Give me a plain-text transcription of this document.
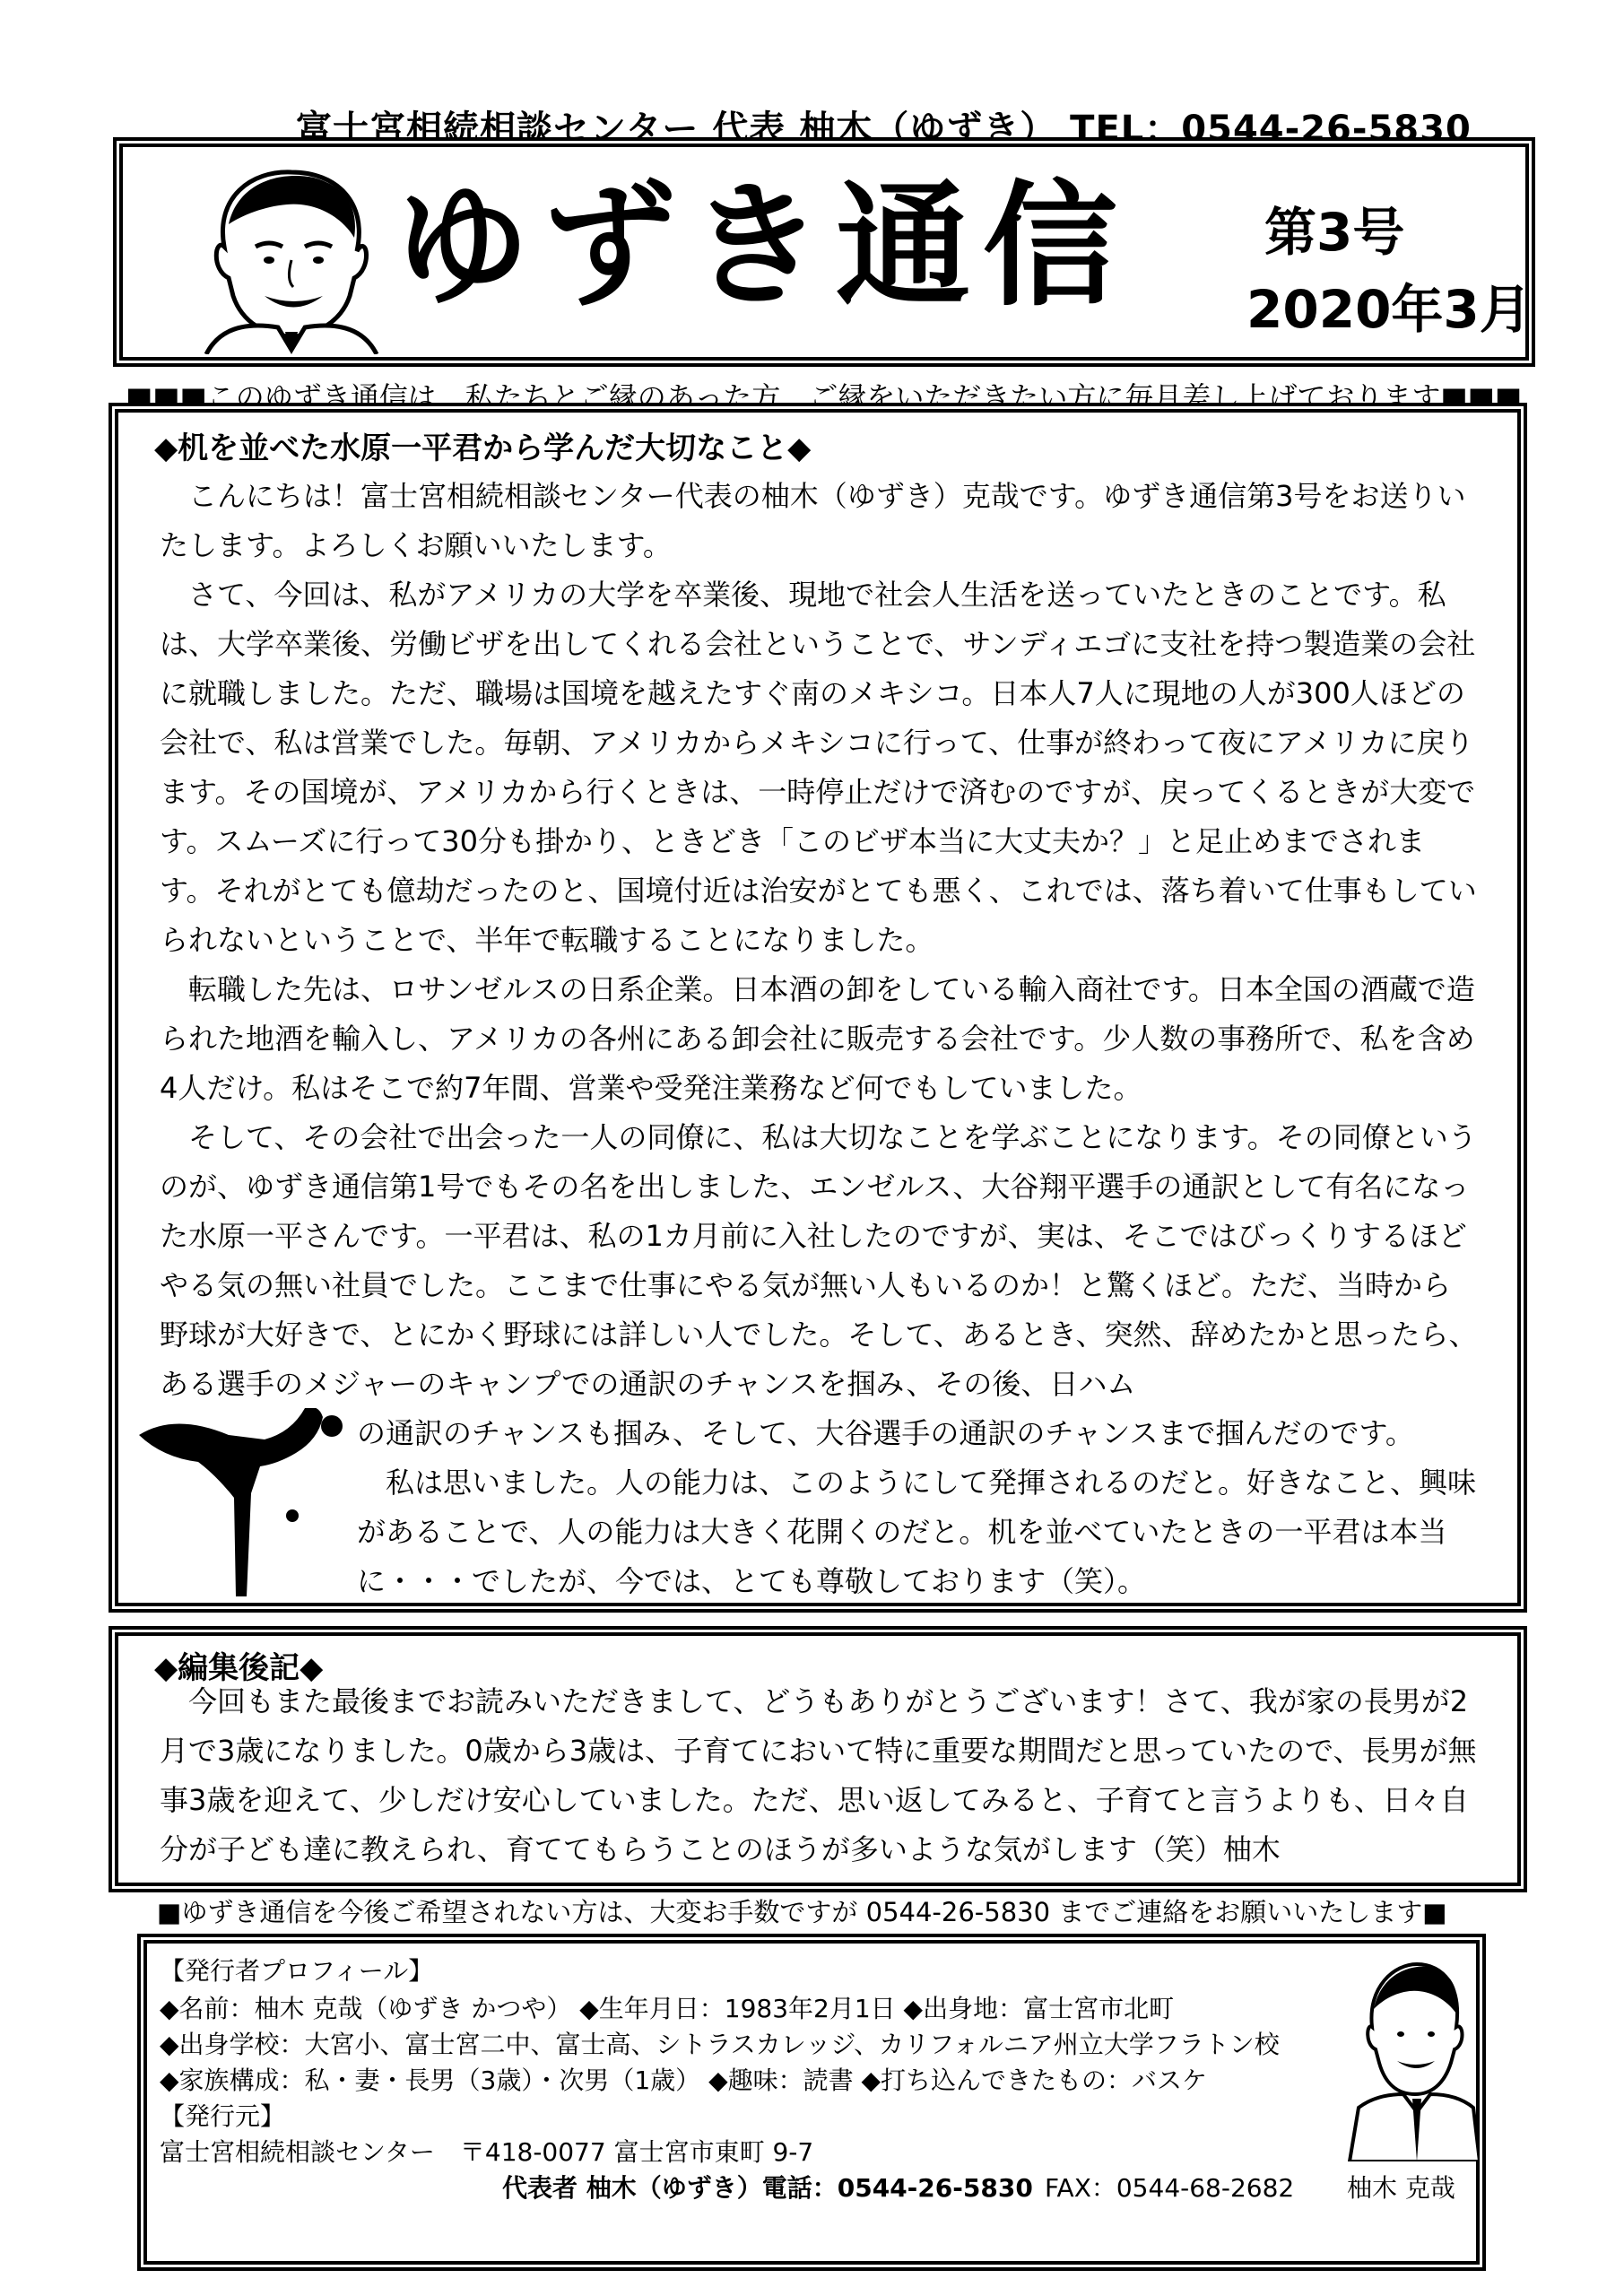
富士宮相続相談センター 代表 柚木（ゆずき） TEL：0544-26-5830
ゆずき通信	第3号
2020年3月
■■■このゆずき通信は、私たちとご縁のあった方、ご縁をいただきたい方に毎月差し上げております■■■
◆机を並べた水原一平君から学んだ大切なこと◆
こんにちは！富士宮相続相談センター代表の柚木（ゆずき）克哉です。ゆずき通信第3号をお送りいたします。よろしくお願いいたします。
さて、今回は、私がアメリカの大学を卒業後、現地で社会人生活を送っていたときのことです。私は、大学卒業後、労働ビザを出してくれる会社ということで、サンディエゴに支社を持つ製造業の会社に就職しました。ただ、職場は国境を越えたすぐ南のメキシコ。日本人7人に現地の人が300人ほどの会社で、私は営業でした。毎朝、アメリカからメキシコに行って、仕事が終わって夜にアメリカに戻ります。その国境が、アメリカから行くときは、一時停止だけで済むのですが、戻ってくるときが大変です。スムーズに行って30分も掛かり、ときどき「このビザ本当に大丈夫か？」と足止めまでされます。それがとても億劫だったのと、国境付近は治安がとても悪く、これでは、落ち着いて仕事もしていられないということで、半年で転職することになりました。
転職した先は、ロサンゼルスの日系企業。日本酒の卸をしている輸入商社です。日本全国の酒蔵で造られた地酒を輸入し、アメリカの各州にある卸会社に販売する会社です。少人数の事務所で、私を含め4人だけ。私はそこで約7年間、営業や受発注業務など何でもしていました。
そして、その会社で出会った一人の同僚に、私は大切なことを学ぶことになります。その同僚というのが、ゆずき通信第1号でもその名を出しました、エンゼルス、大谷翔平選手の通訳として有名になった水原一平さんです。一平君は、私の1カ月前に入社したのですが、実は、そこではびっくりするほどやる気の無い社員でした。ここまで仕事にやる気が無い人もいるのか！と驚くほど。ただ、当時から野球が大好きで、とにかく野球には詳しい人でした。そして、あるとき、突然、辞めたかと思ったら、ある選手のメジャーのキャンプでの通訳のチャンスを掴み、その後、日ハム
の通訳のチャンスも掴み、そして、大谷選手の通訳のチャンスまで掴んだのです。
私は思いました。人の能力は、このようにして発揮されるのだと。好きなこと、興味があることで、人の能力は大きく花開くのだと。机を並べていたときの一平君は本当に・・・でしたが、今では、とても尊敬しております（笑）。
◆編集後記◆
今回もまた最後までお読みいただきまして、どうもありがとうございます！さて、我が家の長男が2月で3歳になりました。0歳から3歳は、子育てにおいて特に重要な期間だと思っていたので、長男が無事3歳を迎えて、少しだけ安心していました。ただ、思い返してみると、子育てと言うよりも、日々自分が子ども達に教えられ、育ててもらうことのほうが多いような気がします（笑）柚木
■ゆずき通信を今後ご希望されない方は、大変お手数ですが 0544-26-5830 までご連絡をお願いいたします■
【発行者プロフィール】
◆名前：柚木 克哉（ゆずき かつや） ◆生年月日：1983年2月1日 ◆出身地：富士宮市北町
◆出身学校：大宮小、富士宮二中、富士高、シトラスカレッジ、カリフォルニア州立大学フラトン校
◆家族構成：私・妻・長男（3歳）・次男（1歳） ◆趣味：読書 ◆打ち込んできたもの：バスケ
【発行元】
富士宮相続相談センター　〒418-0077 富士宮市東町 9-7
代表者 柚木（ゆずき）電話：0544-26-5830 FAX：0544-68-2682 柚木 克哉
